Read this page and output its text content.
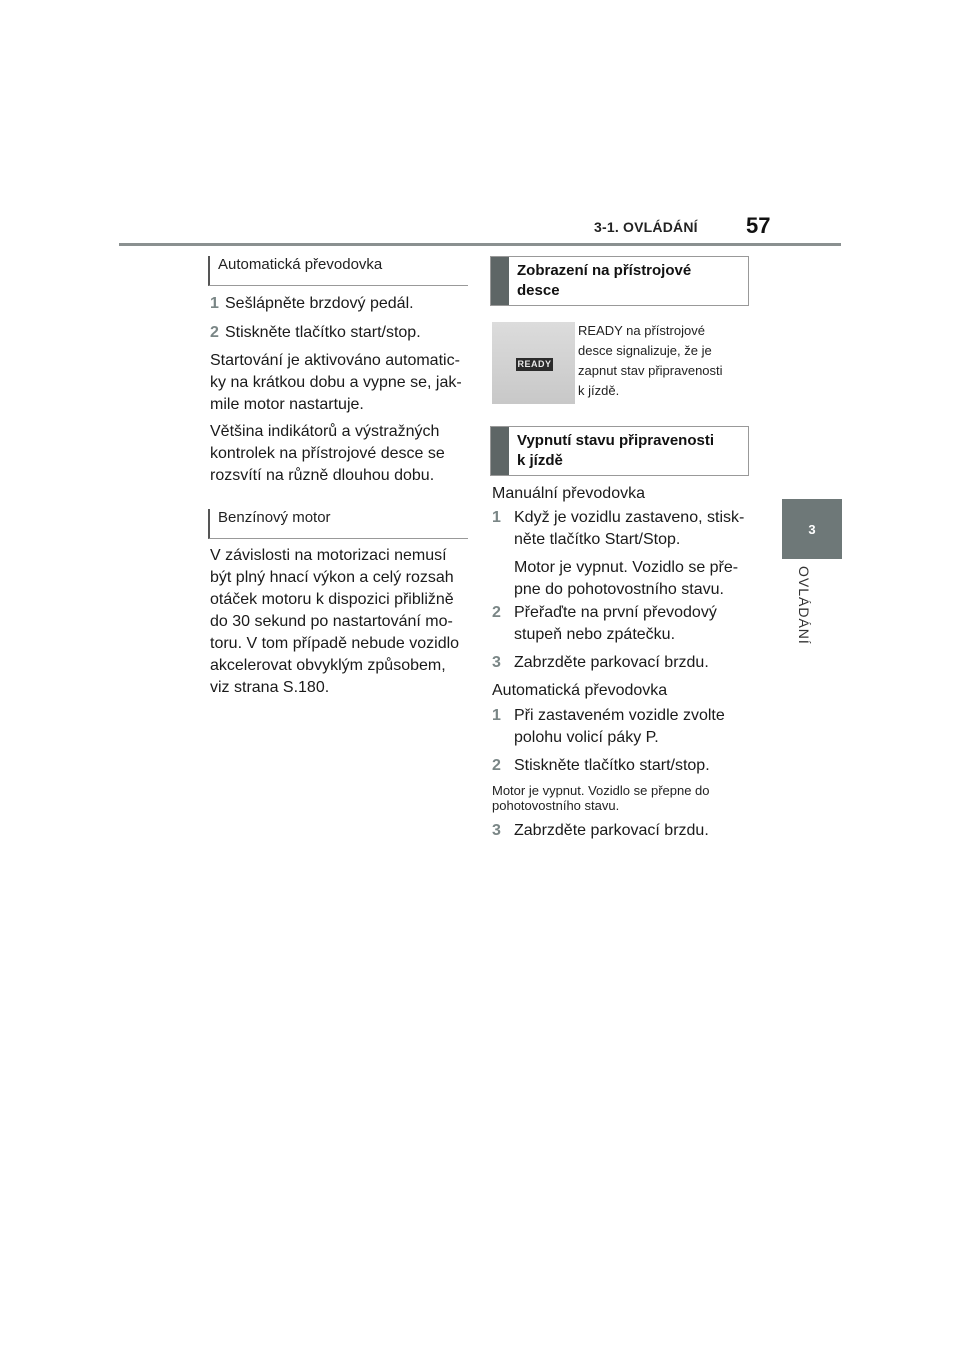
3-1. OVLÁDÁNÍ 57
3
OVLÁDÁNÍ
Automatická převodovka
1 Sešlápněte brzdový pedál.
2 Stiskněte tlačítko start/stop.
Startování je aktivováno automatic-
ky na krátkou dobu a vypne se, jak-
mile motor nastartuje.
Většina indikátorů a výstražných
kontrolek na přístrojové desce se
rozsvítí na různě dlouhou dobu.
Benzínový motor
V závislosti na motorizaci nemusí
být plný hnací výkon a celý rozsah
otáček motoru k dispozici přibližně
do 30 sekund po nastartování mo-
toru. V tom případě nebude vozidlo
akcelerovat obvyklým způsobem,
viz strana S.180.
Zobrazení na přístrojové
desce
READY
READY na přístrojové
desce signalizuje, že je
zapnut stav připravenosti
k jízdě.
Vypnutí stavu připravenosti
k jízdě
Manuální převodovka
1 Když je vozidlu zastaveno, stisk-
něte tlačítko Start/Stop.
Motor je vypnut. Vozidlo se pře-
pne do pohotovostního stavu.
2 Přeřaďte na první převodový
stupeň nebo zpátečku.
3 Zabrzděte parkovací brzdu.
Automatická převodovka
1 Při zastaveném vozidle zvolte
polohu volicí páky P.
2 Stiskněte tlačítko start/stop.
Motor je vypnut. Vozidlo se přepne do
pohotovostního stavu.
3 Zabrzděte parkovací brzdu.
